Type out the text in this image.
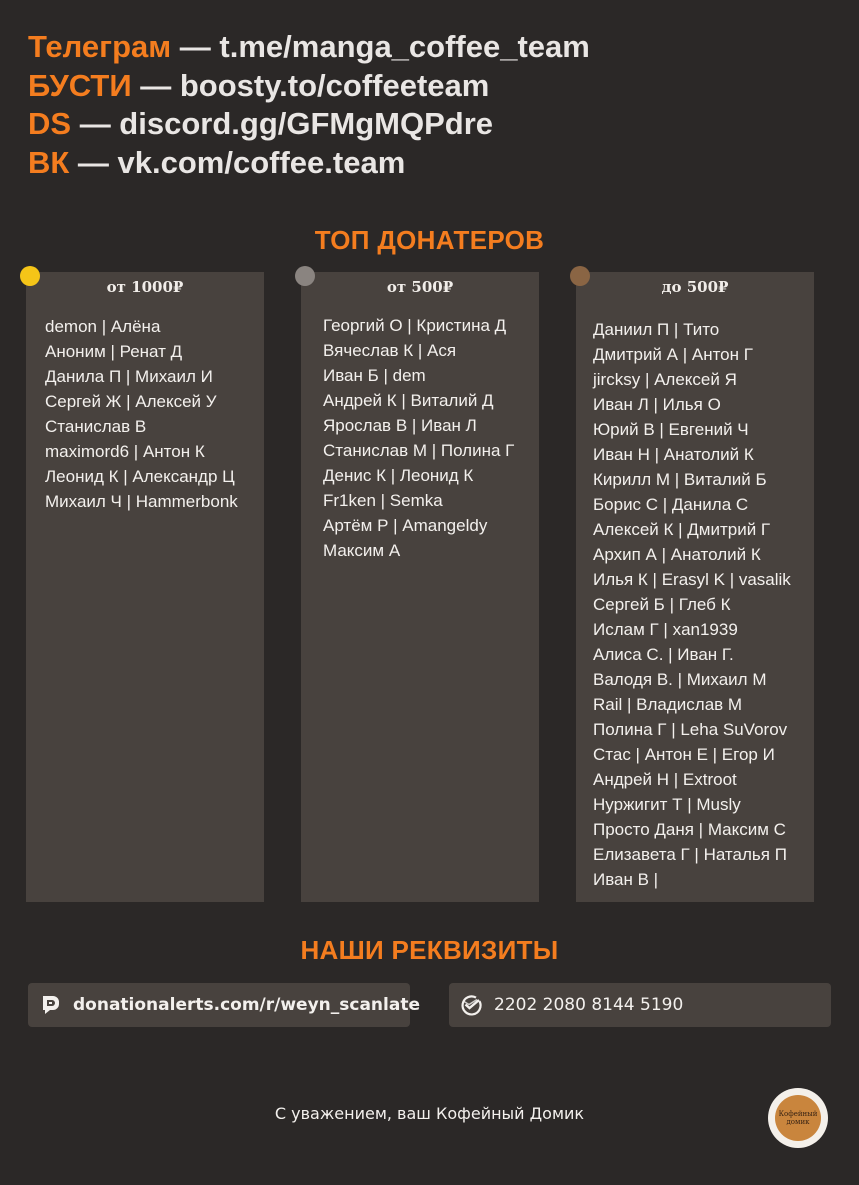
Телеграм — t.me/manga_coffee_team
БУСТИ — boosty.to/coffeeteam
DS — discord.gg/GFMgMQPdre
ВК — vk.com/coffee.team
ТОП ДОНАТЕРОВ
от 1000₽
demon | Алёна
Аноним | Ренат Д
Данила П | Михаил И
Сергей Ж | Алексей У
Станислав В
maximord6 | Антон К
Леонид К | Александр Ц
Михаил Ч | Hammerbonk
от 500₽
Георгий О | Кристина Д
Вячеслав К | Ася
Иван Б | dem
Андрей К | Виталий Д
Ярослав В | Иван Л
Станислав М | Полина Г
Денис К | Леонид К
Fr1ken | Semka
Артём Р | Amangeldy
Максим А
до 500₽
Даниил П | Тито
Дмитрий А | Антон Г
jircksy | Алексей Я
Иван Л | Илья О
Юрий В | Евгений Ч
Иван Н | Анатолий К
Кирилл М | Виталий Б
Борис С | Данила С
Алексей К | Дмитрий Г
Архип А | Анатолий К
Илья К | Erasyl K | vasalik
Сергей Б | Глеб К
Ислам Г | xan1939
Алиса С. | Иван Г.
Валодя В. | Михаил М
Rail | Владислав М
Полина Г | Leha SuVorov
Стас | Антон Е | Егор И
Андрей Н | Extroot
Нуржигит Т | Musly
Просто Даня | Максим С
Елизавета Г | Наталья П
Иван В |
НАШИ РЕКВИЗИТЫ
donationalerts.com/r/weyn_scanlate	2202 2080 8144 5190
С уважением, ваш Кофейный Домик	Кофейный домик
